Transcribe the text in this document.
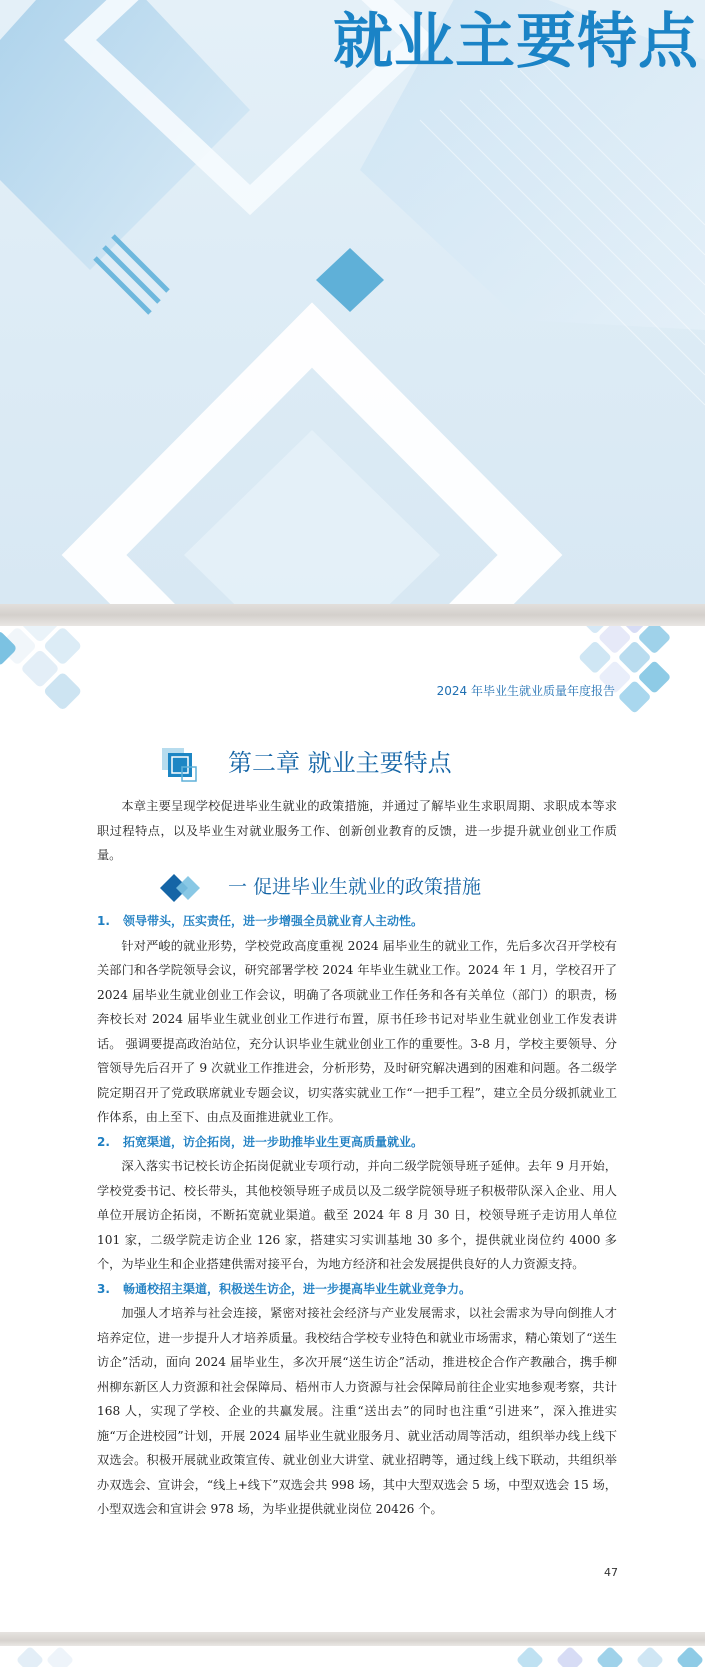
就业主要特点
2024 年毕业生就业质量年度报告
第二章 就业主要特点

本章主要呈现学校促进毕业生就业的政策措施，并通过了解毕业生求职周期、求职成本等求职过程特点，以及毕业生对就业服务工作、创新创业教育的反馈，进一步提升就业创业工作质量。

一 促进毕业生就业的政策措施

1. 领导带头，压实责任，进一步增强全员就业育人主动性。

针对严峻的就业形势，学校党政高度重视 2024 届毕业生的就业工作，先后多次召开学校有关部门和各学院领导会议，研究部署学校 2024 年毕业生就业工作。2024 年 1 月，学校召开了 2024 届毕业生就业创业工作会议，明确了各项就业工作任务和各有关单位（部门）的职责，杨奔校长对 2024 届毕业生就业创业工作进行布置，原书任珍书记对毕业生就业创业工作发表讲话。 强调要提高政治站位，充分认识毕业生就业创业工作的重要性。3-8 月，学校主要领导、分管领导先后召开了 9 次就业工作推进会，分析形势，及时研究解决遇到的困难和问题。各二级学院定期召开了党政联席就业专题会议，切实落实就业工作“一把手工程”，建立全员分级抓就业工作体系，由上至下、由点及面推进就业工作。

2. 拓宽渠道，访企拓岗，进一步助推毕业生更高质量就业。

深入落实书记校长访企拓岗促就业专项行动，并向二级学院领导班子延伸。去年 9 月开始，学校党委书记、校长带头，其他校领导班子成员以及二级学院领导班子积极带队深入企业、用人单位开展访企拓岗，不断拓宽就业渠道。截至 2024 年 8 月 30 日，校领导班子走访用人单位 101 家，二级学院走访企业 126 家，搭建实习实训基地 30 多个，提供就业岗位约 4000 多个，为毕业生和企业搭建供需对接平台，为地方经济和社会发展提供良好的人力资源支持。

3. 畅通校招主渠道，积极送生访企，进一步提高毕业生就业竞争力。

加强人才培养与社会连接，紧密对接社会经济与产业发展需求，以社会需求为导向倒推人才培养定位，进一步提升人才培养质量。我校结合学校专业特色和就业市场需求，精心策划了“送生访企”活动，面向 2024 届毕业生，多次开展“送生访企”活动，推进校企合作产教融合，携手柳州柳东新区人力资源和社会保障局、梧州市人力资源与社会保障局前往企业实地参观考察，共计 168 人，实现了学校、企业的共赢发展。注重“送出去”的同时也注重“引进来”，深入推进实施“万企进校园”计划，开展 2024 届毕业生就业服务月、就业活动周等活动，组织举办线上线下双选会。积极开展就业政策宣传、就业创业大讲堂、就业招聘等，通过线上线下联动，共组织举办双选会、宣讲会，“线上+线下”双选会共 998 场，其中大型双选会 5 场，中型双选会 15 场，小型双选会和宣讲会 978 场，为毕业提供就业岗位 20426 个。

47
